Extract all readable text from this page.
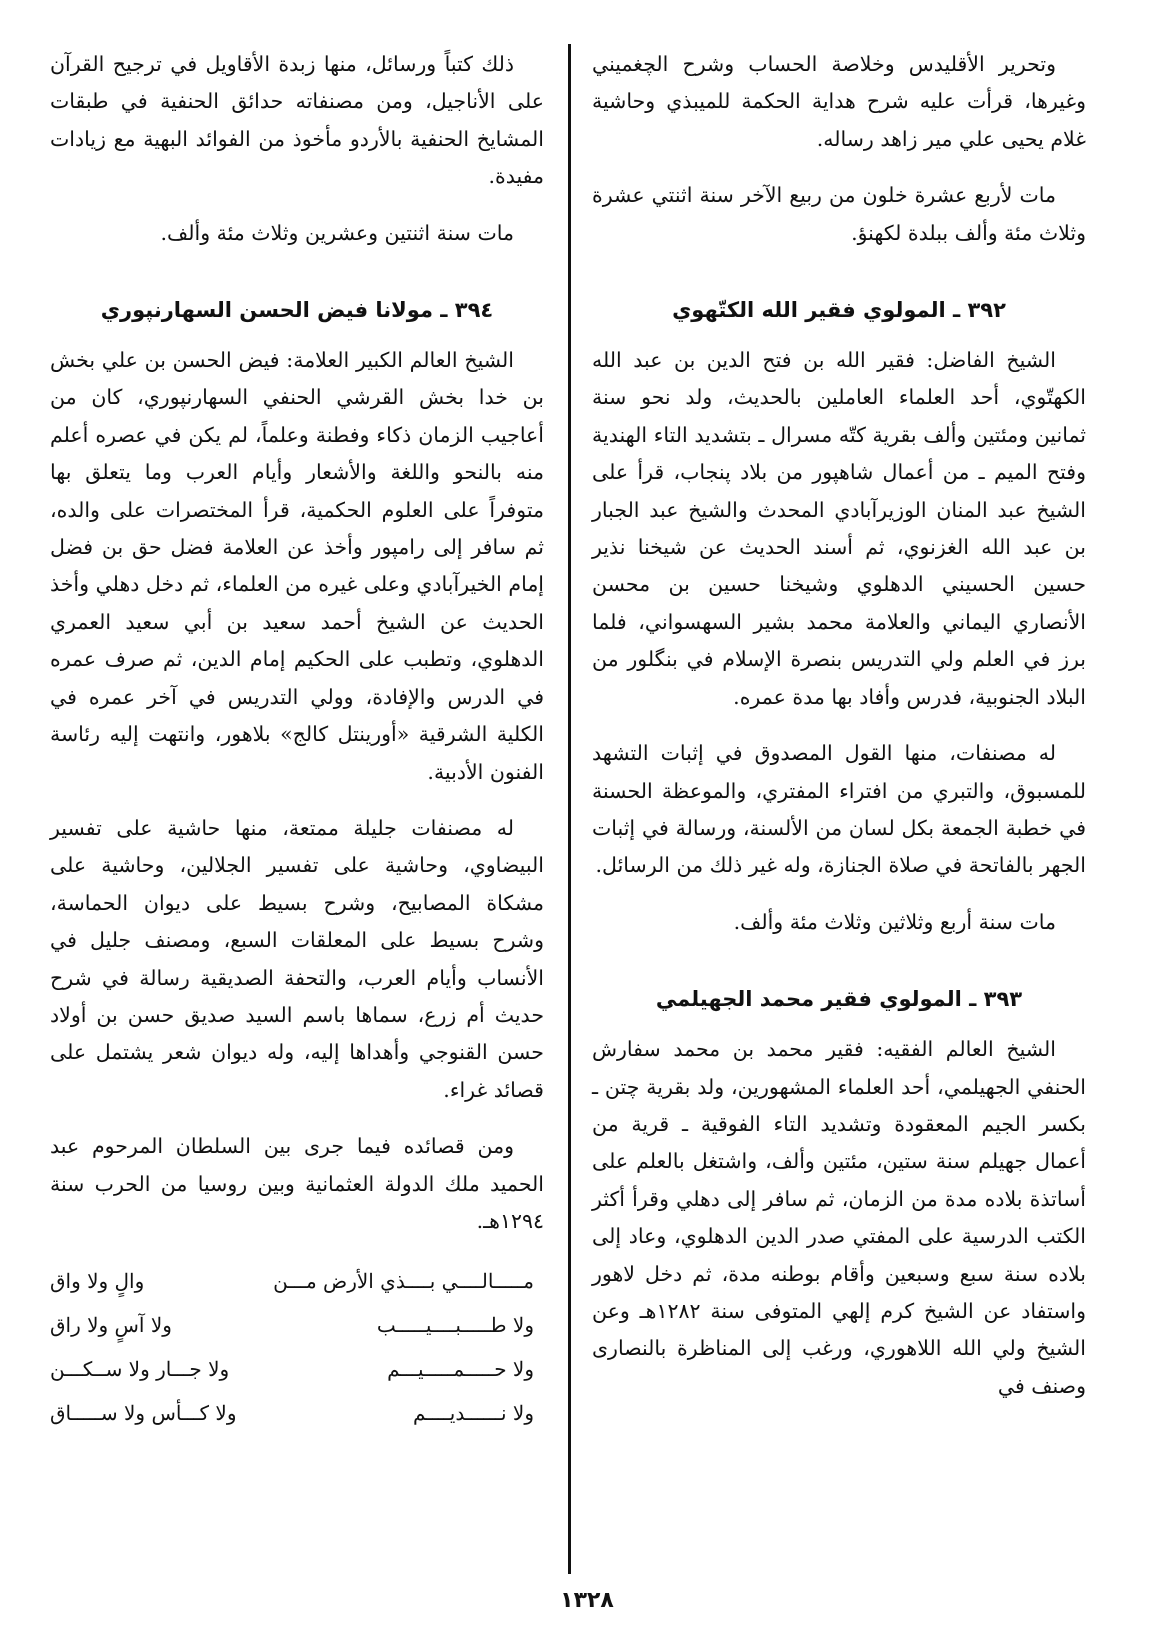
وتحرير الأقليدس وخلاصة الحساب وشرح الچغميني وغيرها، قرأت عليه شرح هداية الحكمة للميبذي وحاشية غلام يحيى علي مير زاهد رساله.

مات لأربع عشرة خلون من ربيع الآخر سنة اثنتي عشرة وثلاث مئة وألف ببلدة لكهنؤ.

٣٩٢ ـ المولوي فقير الله الكتّهوي

الشيخ الفاضل: فقير الله بن فتح الدين بن عبد الله الكهتّوي، أحد العلماء العاملين بالحديث، ولد نحو سنة ثمانين ومئتين وألف بقرية كتّه مسرال ـ بتشديد التاء الهندية وفتح الميم ـ من أعمال شاهپور من بلاد پنجاب، قرأ على الشيخ عبد المنان الوزيرآبادي المحدث والشيخ عبد الجبار بن عبد الله الغزنوي، ثم أسند الحديث عن شيخنا نذير حسين الحسيني الدهلوي وشيخنا حسين بن محسن الأنصاري اليماني والعلامة محمد بشير السهسواني، فلما برز في العلم ولي التدريس بنصرة الإسلام في بنگلور من البلاد الجنوبية، فدرس وأفاد بها مدة عمره.

له مصنفات، منها القول المصدوق في إثبات التشهد للمسبوق، والتبري من افتراء المفتري، والموعظة الحسنة في خطبة الجمعة بكل لسان من الألسنة، ورسالة في إثبات الجهر بالفاتحة في صلاة الجنازة، وله غير ذلك من الرسائل.

مات سنة أربع وثلاثين وثلاث مئة وألف.

٣٩٣ ـ المولوي فقير محمد الجهيلمي

الشيخ العالم الفقيه: فقير محمد بن محمد سفارش الحنفي الجهيلمي، أحد العلماء المشهورين، ولد بقرية چتن ـ بكسر الجيم المعقودة وتشديد التاء الفوقية ـ قرية من أعمال جهيلم سنة ستين، مئتين وألف، واشتغل بالعلم على أساتذة بلاده مدة من الزمان، ثم سافر إلى دهلي وقرأ أكثر الكتب الدرسية على المفتي صدر الدين الدهلوي، وعاد إلى بلاده سنة سبع وسبعين وأقام بوطنه مدة، ثم دخل لاهور واستفاد عن الشيخ كرم إلهي المتوفى سنة ١٢٨٢هـ وعن الشيخ ولي الله اللاهوري، ورغب إلى المناظرة بالنصارى وصنف في

ذلك كتباً ورسائل، منها زبدة الأقاويل في ترجيح القرآن على الأناجيل، ومن مصنفاته حدائق الحنفية في طبقات المشايخ الحنفية بالأردو مأخوذ من الفوائد البهية مع زيادات مفيدة.

مات سنة اثنتين وعشرين وثلاث مئة وألف.

٣٩٤ ـ مولانا فيض الحسن السهارنپوري

الشيخ العالم الكبير العلامة: فيض الحسن بن علي بخش بن خدا بخش القرشي الحنفي السهارنپوري، كان من أعاجيب الزمان ذكاء وفطنة وعلماً، لم يكن في عصره أعلم منه بالنحو واللغة والأشعار وأيام العرب وما يتعلق بها متوفراً على العلوم الحكمية، قرأ المختصرات على والده، ثم سافر إلى رامپور وأخذ عن العلامة فضل حق بن فضل إمام الخيرآبادي وعلى غيره من العلماء، ثم دخل دهلي وأخذ الحديث عن الشيخ أحمد سعيد بن أبي سعيد العمري الدهلوي، وتطبب على الحكيم إمام الدين، ثم صرف عمره في الدرس والإفادة، وولي التدريس في آخر عمره في الكلية الشرقية «أورينتل كالج» بلاهور، وانتهت إليه رئاسة الفنون الأدبية.

له مصنفات جليلة ممتعة، منها حاشية على تفسير البيضاوي، وحاشية على تفسير الجلالين، وحاشية على مشكاة المصابيح، وشرح بسيط على ديوان الحماسة، وشرح بسيط على المعلقات السبع، ومصنف جليل في الأنساب وأيام العرب، والتحفة الصديقية رسالة في شرح حديث أم زرع، سماها باسم السيد صديق حسن بن أولاد حسن القنوجي وأهداها إليه، وله ديوان شعر يشتمل على قصائد غراء.

ومن قصائده فيما جرى بين السلطان المرحوم عبد الحميد ملك الدولة العثمانية وبين روسيا من الحرب سنة ١٢٩٤هـ.

مـــــالــــي بــــذي الأرض مـــن
والٍ ولا واق
ولا طـــــبــــيـــــب
ولا آسٍ ولا راق
ولا حـــــمـــــيـــم
ولا جـــار ولا ســكـــن
ولا نــــــديــــم
ولا كـــأس ولا ســـــاق
١٣٢٨
